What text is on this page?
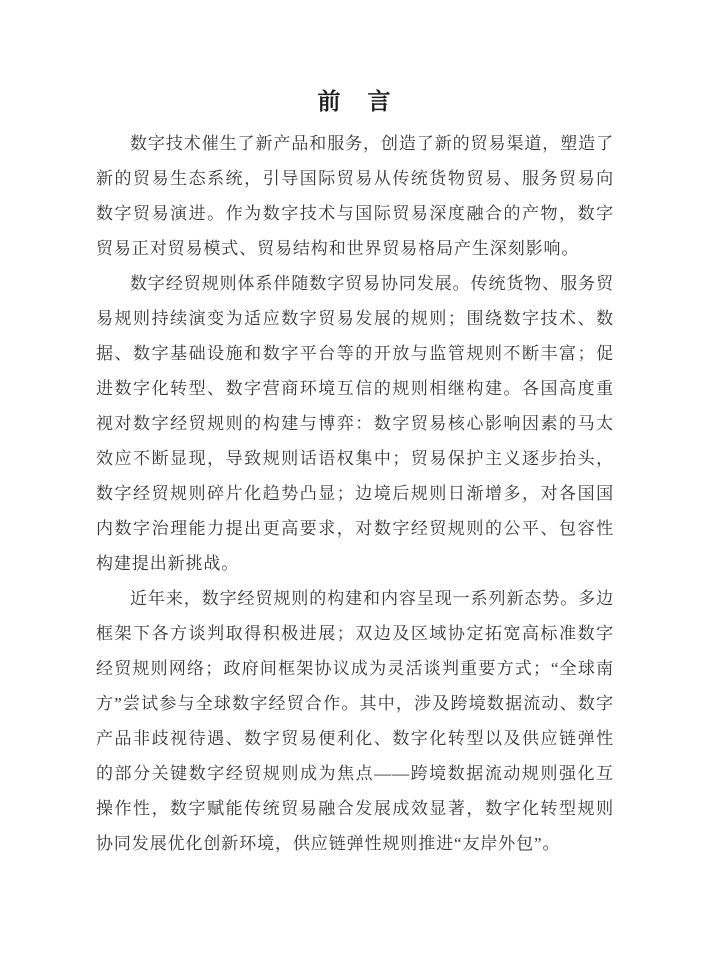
前　言

数字技术催生了新产品和服务，创造了新的贸易渠道，塑造了新的贸易生态系统，引导国际贸易从传统货物贸易、服务贸易向数字贸易演进。作为数字技术与国际贸易深度融合的产物，数字贸易正对贸易模式、贸易结构和世界贸易格局产生深刻影响。

数字经贸规则体系伴随数字贸易协同发展。传统货物、服务贸易规则持续演变为适应数字贸易发展的规则；围绕数字技术、数据、数字基础设施和数字平台等的开放与监管规则不断丰富；促进数字化转型、数字营商环境互信的规则相继构建。各国高度重视对数字经贸规则的构建与博弈：数字贸易核心影响因素的马太效应不断显现，导致规则话语权集中；贸易保护主义逐步抬头，数字经贸规则碎片化趋势凸显；边境后规则日渐增多，对各国国内数字治理能力提出更高要求，对数字经贸规则的公平、包容性构建提出新挑战。

近年来，数字经贸规则的构建和内容呈现一系列新态势。多边框架下各方谈判取得积极进展；双边及区域协定拓宽高标准数字经贸规则网络；政府间框架协议成为灵活谈判重要方式；“全球南方”尝试参与全球数字经贸合作。其中，涉及跨境数据流动、数字产品非歧视待遇、数字贸易便利化、数字化转型以及供应链弹性的部分关键数字经贸规则成为焦点——跨境数据流动规则强化互操作性，数字赋能传统贸易融合发展成效显著，数字化转型规则协同发展优化创新环境，供应链弹性规则推进“友岸外包”。
